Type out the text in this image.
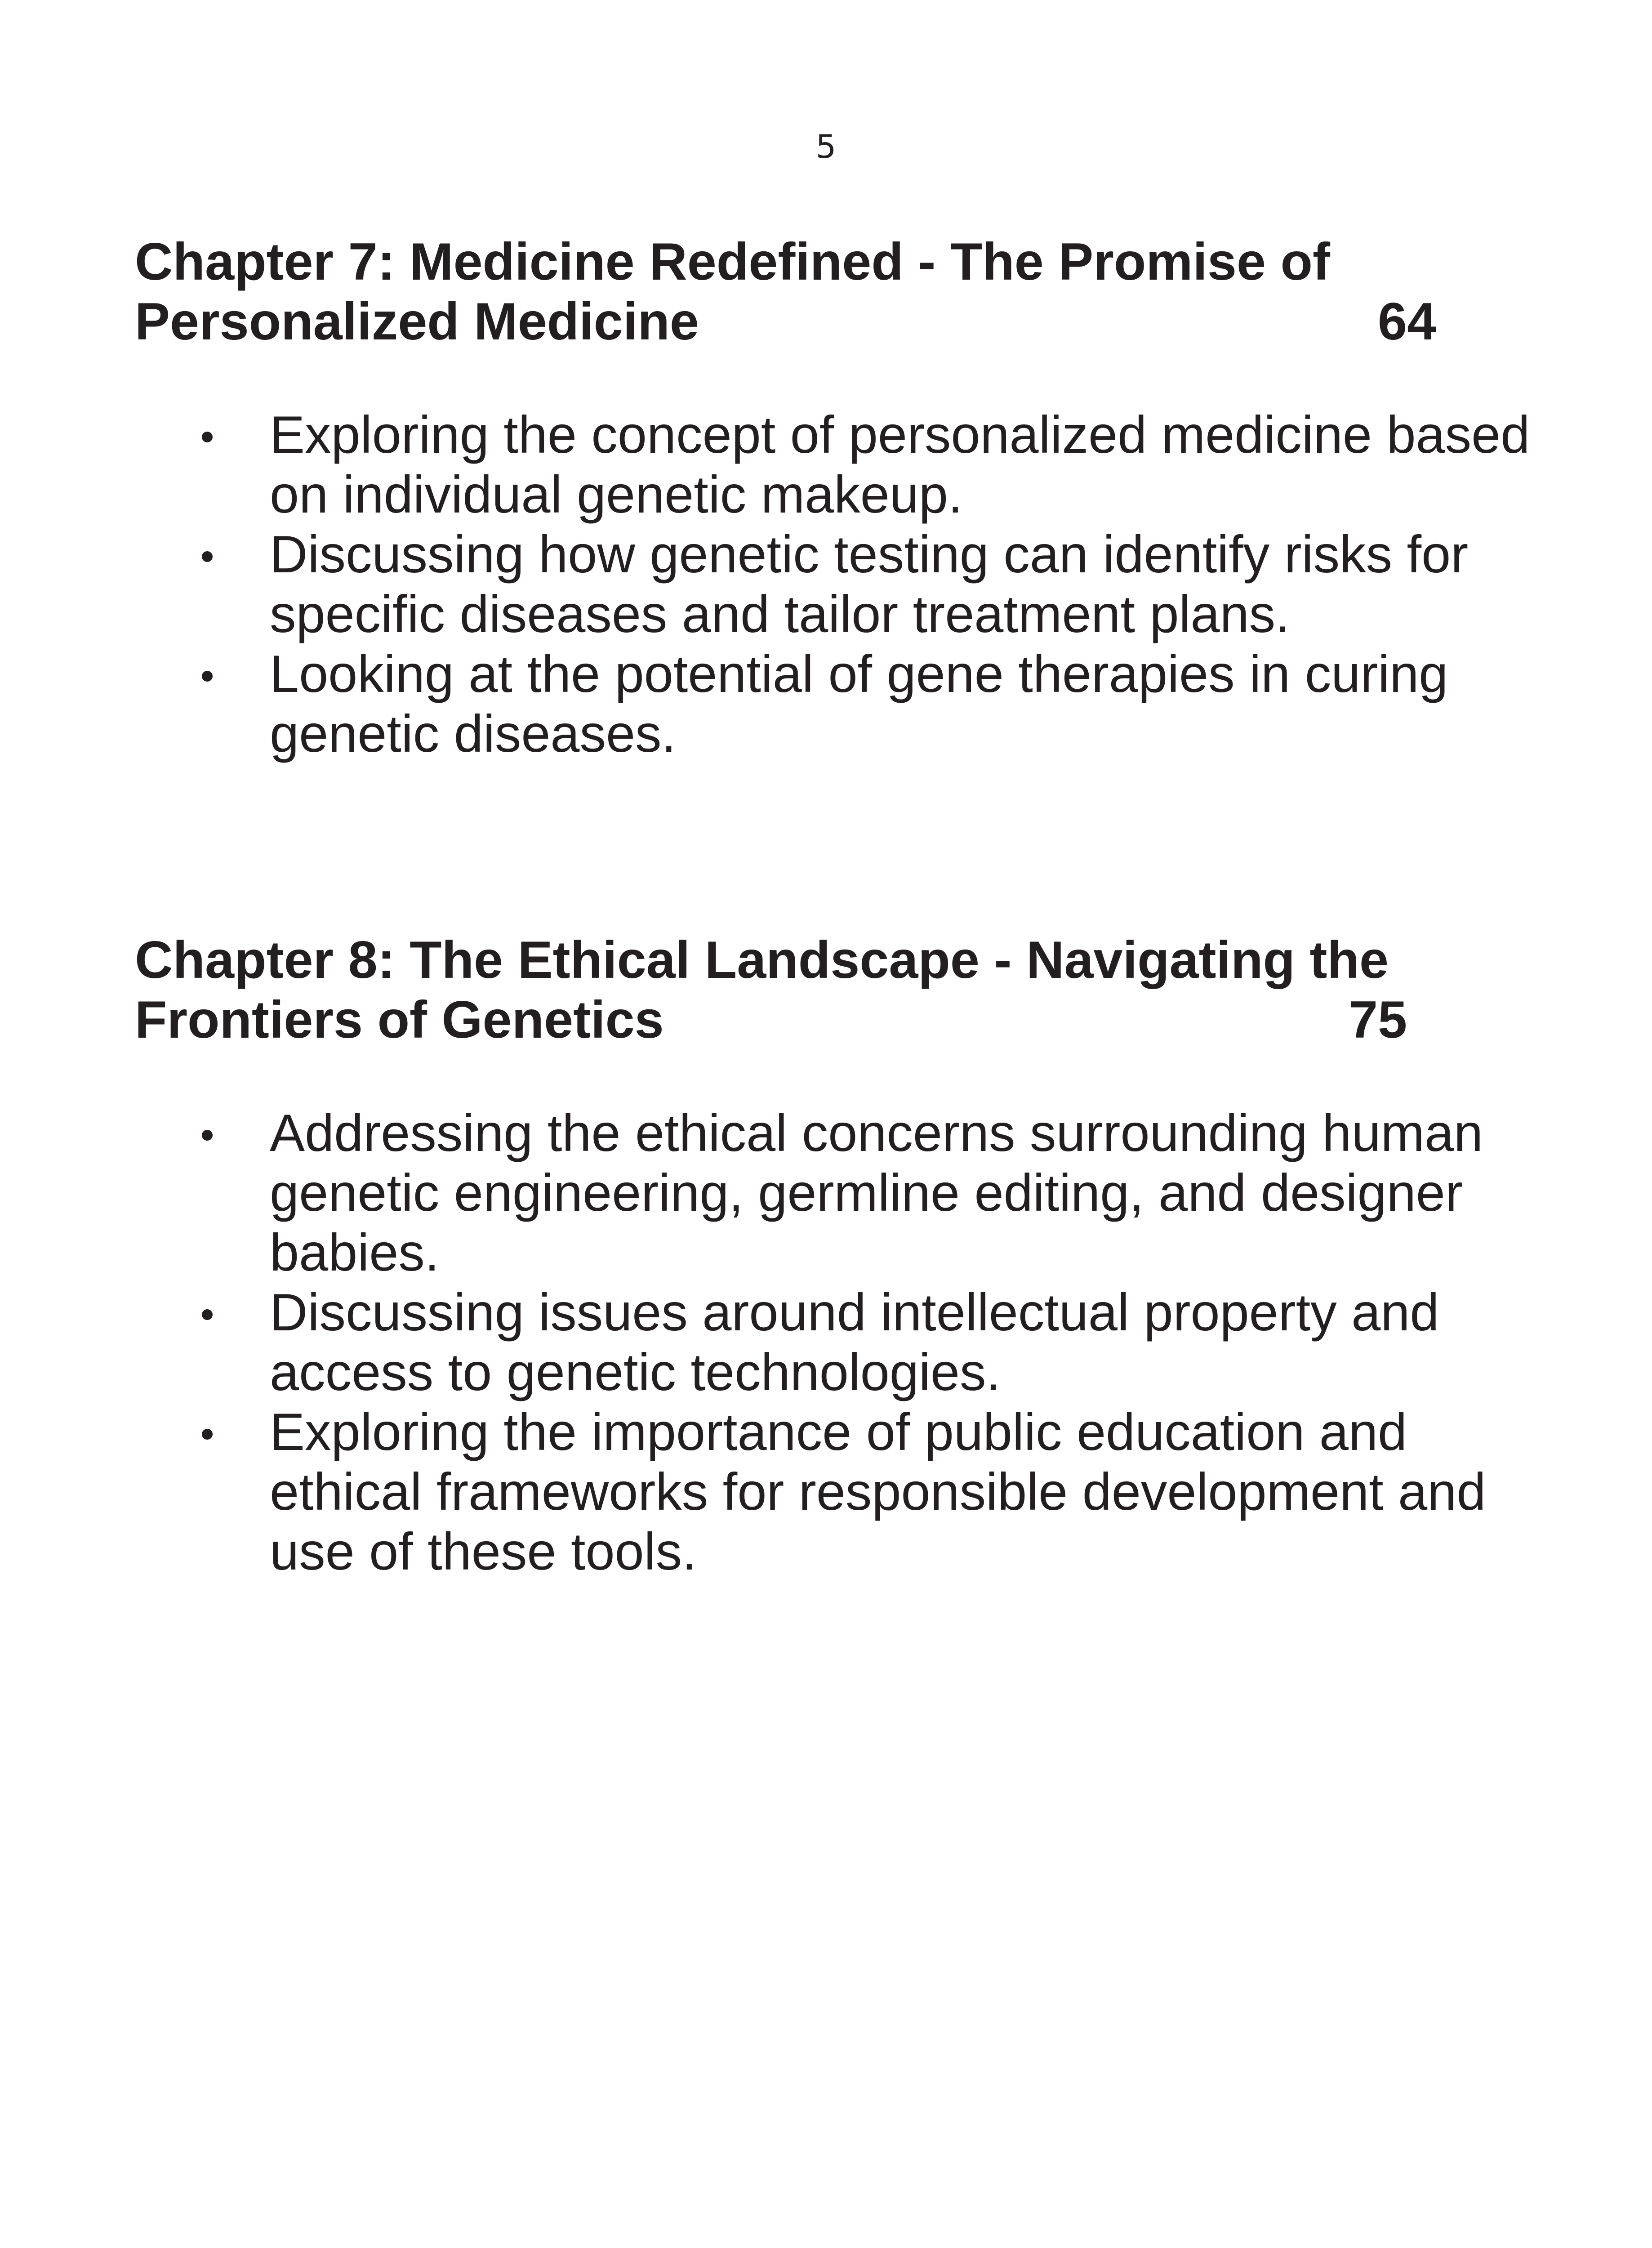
5
Chapter 7: Medicine Redefined - The Promise of
Personalized Medicine	64
Exploring the concept of personalized medicine based on individual genetic makeup.
Discussing how genetic testing can identify risks for specific diseases and tailor treatment plans.
Looking at the potential of gene therapies in curing genetic diseases.
Chapter 8: The Ethical Landscape - Navigating the
Frontiers of Genetics	75
Addressing the ethical concerns surrounding human genetic engineering, germline editing, and designer babies.
Discussing issues around intellectual property and access to genetic technologies.
Exploring the importance of public education and ethical frameworks for responsible development and use of these tools.
